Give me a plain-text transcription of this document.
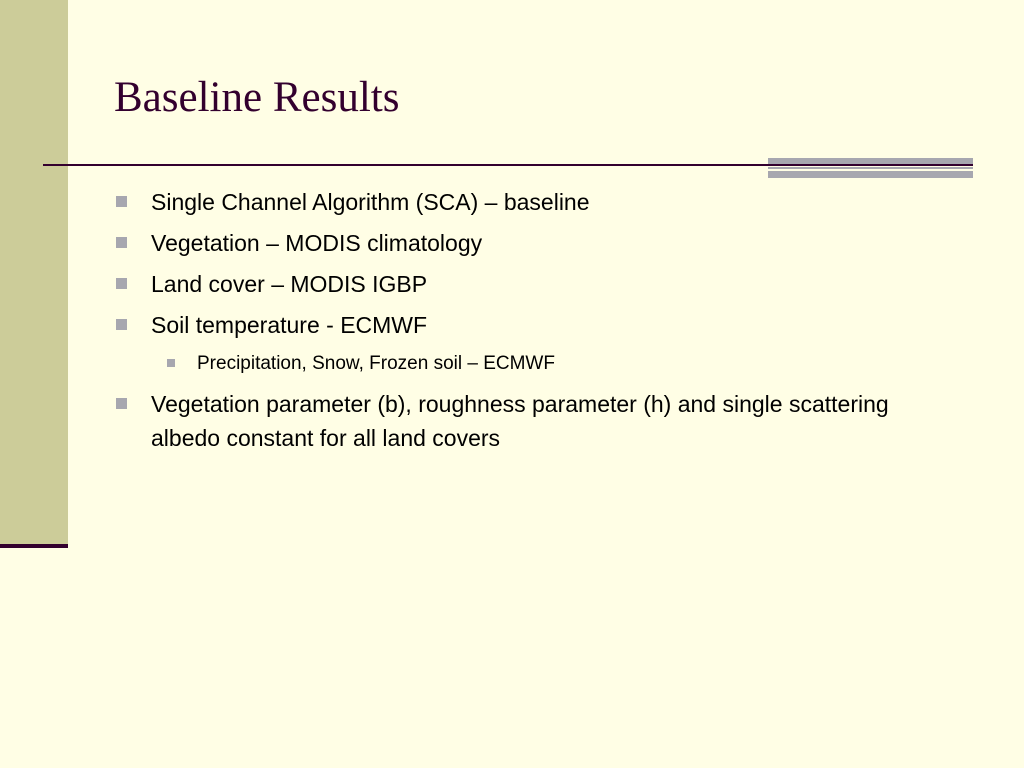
Baseline Results
Single Channel Algorithm (SCA) – baseline
Vegetation – MODIS climatology
Land cover – MODIS IGBP
Soil temperature - ECMWF
Precipitation, Snow, Frozen soil – ECMWF
Vegetation parameter (b), roughness parameter (h) and single scattering albedo constant for all land covers
